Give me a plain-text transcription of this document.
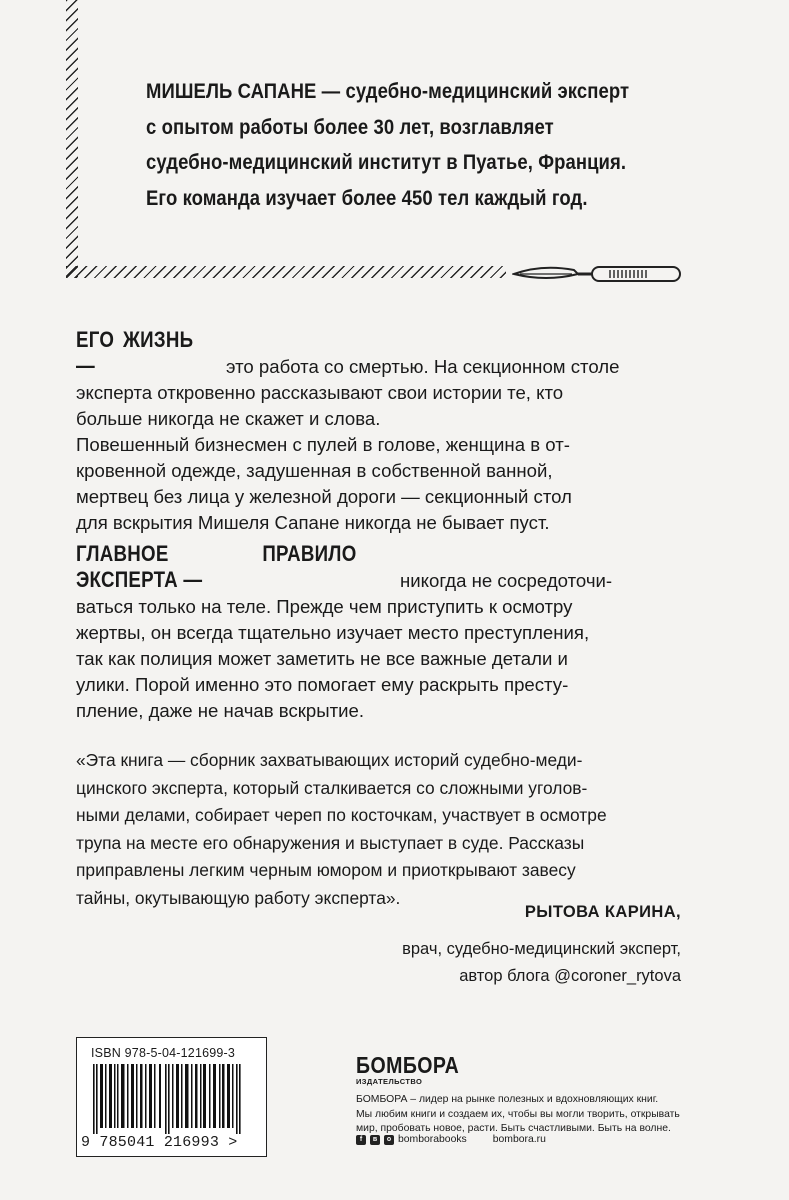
МИШЕЛЬ САПАНЕ — судебно-медицинский эксперт
с опытом работы более 30 лет, возглавляет
судебно-медицинский институт в Пуатье, Франция.
Его команда изучает более 450 тел каждый год.
ЕГО ЖИЗНЬ —	это работа со смертью. На секционном столе
эксперта откровенно рассказывают свои истории те, кто
больше никогда не скажет и слова.
Повешенный бизнесмен с пулей в голове, женщина в от-
кровенной одежде, задушенная в собственной ванной,
мертвец без лица у железной дороги — секционный стол
для вскрытия Мишеля Сапане никогда не бывает пуст.
ГЛАВНОЕ ПРАВИЛО ЭКСПЕРТА —	никогда не сосредоточи-
ваться только на теле. Прежде чем приступить к осмотру
жертвы, он всегда тщательно изучает место преступления,
так как полиция может заметить не все важные детали и
улики. Порой именно это помогает ему раскрыть престу-
пление, даже не начав вскрытие.
«Эта книга — сборник захватывающих историй судебно-меди-
цинского эксперта, который сталкивается со сложными уголов-
ными делами, собирает череп по косточкам, участвует в осмотре
трупа на месте его обнаружения и выступает в суде. Рассказы
приправлены легким черным юмором и приоткрывают завесу
тайны, окутывающую работу эксперта».
РЫТОВА КАРИНА,
врач, судебно-медицинский эксперт,
автор блога @coroner_rytova
ISBN 978-5-04-121699-3
9 785041 216993 >
БОМБОРА
ИЗДАТЕЛЬСТВО
БОМБОРА – лидер на рынке полезных и вдохновляющих книг.
Мы любим книги и создаем их, чтобы вы могли творить, открывать
мир, пробовать новое, расти. Быть счастливыми. Быть на волне.
f	в	о bomborabooks	bombora.ru
